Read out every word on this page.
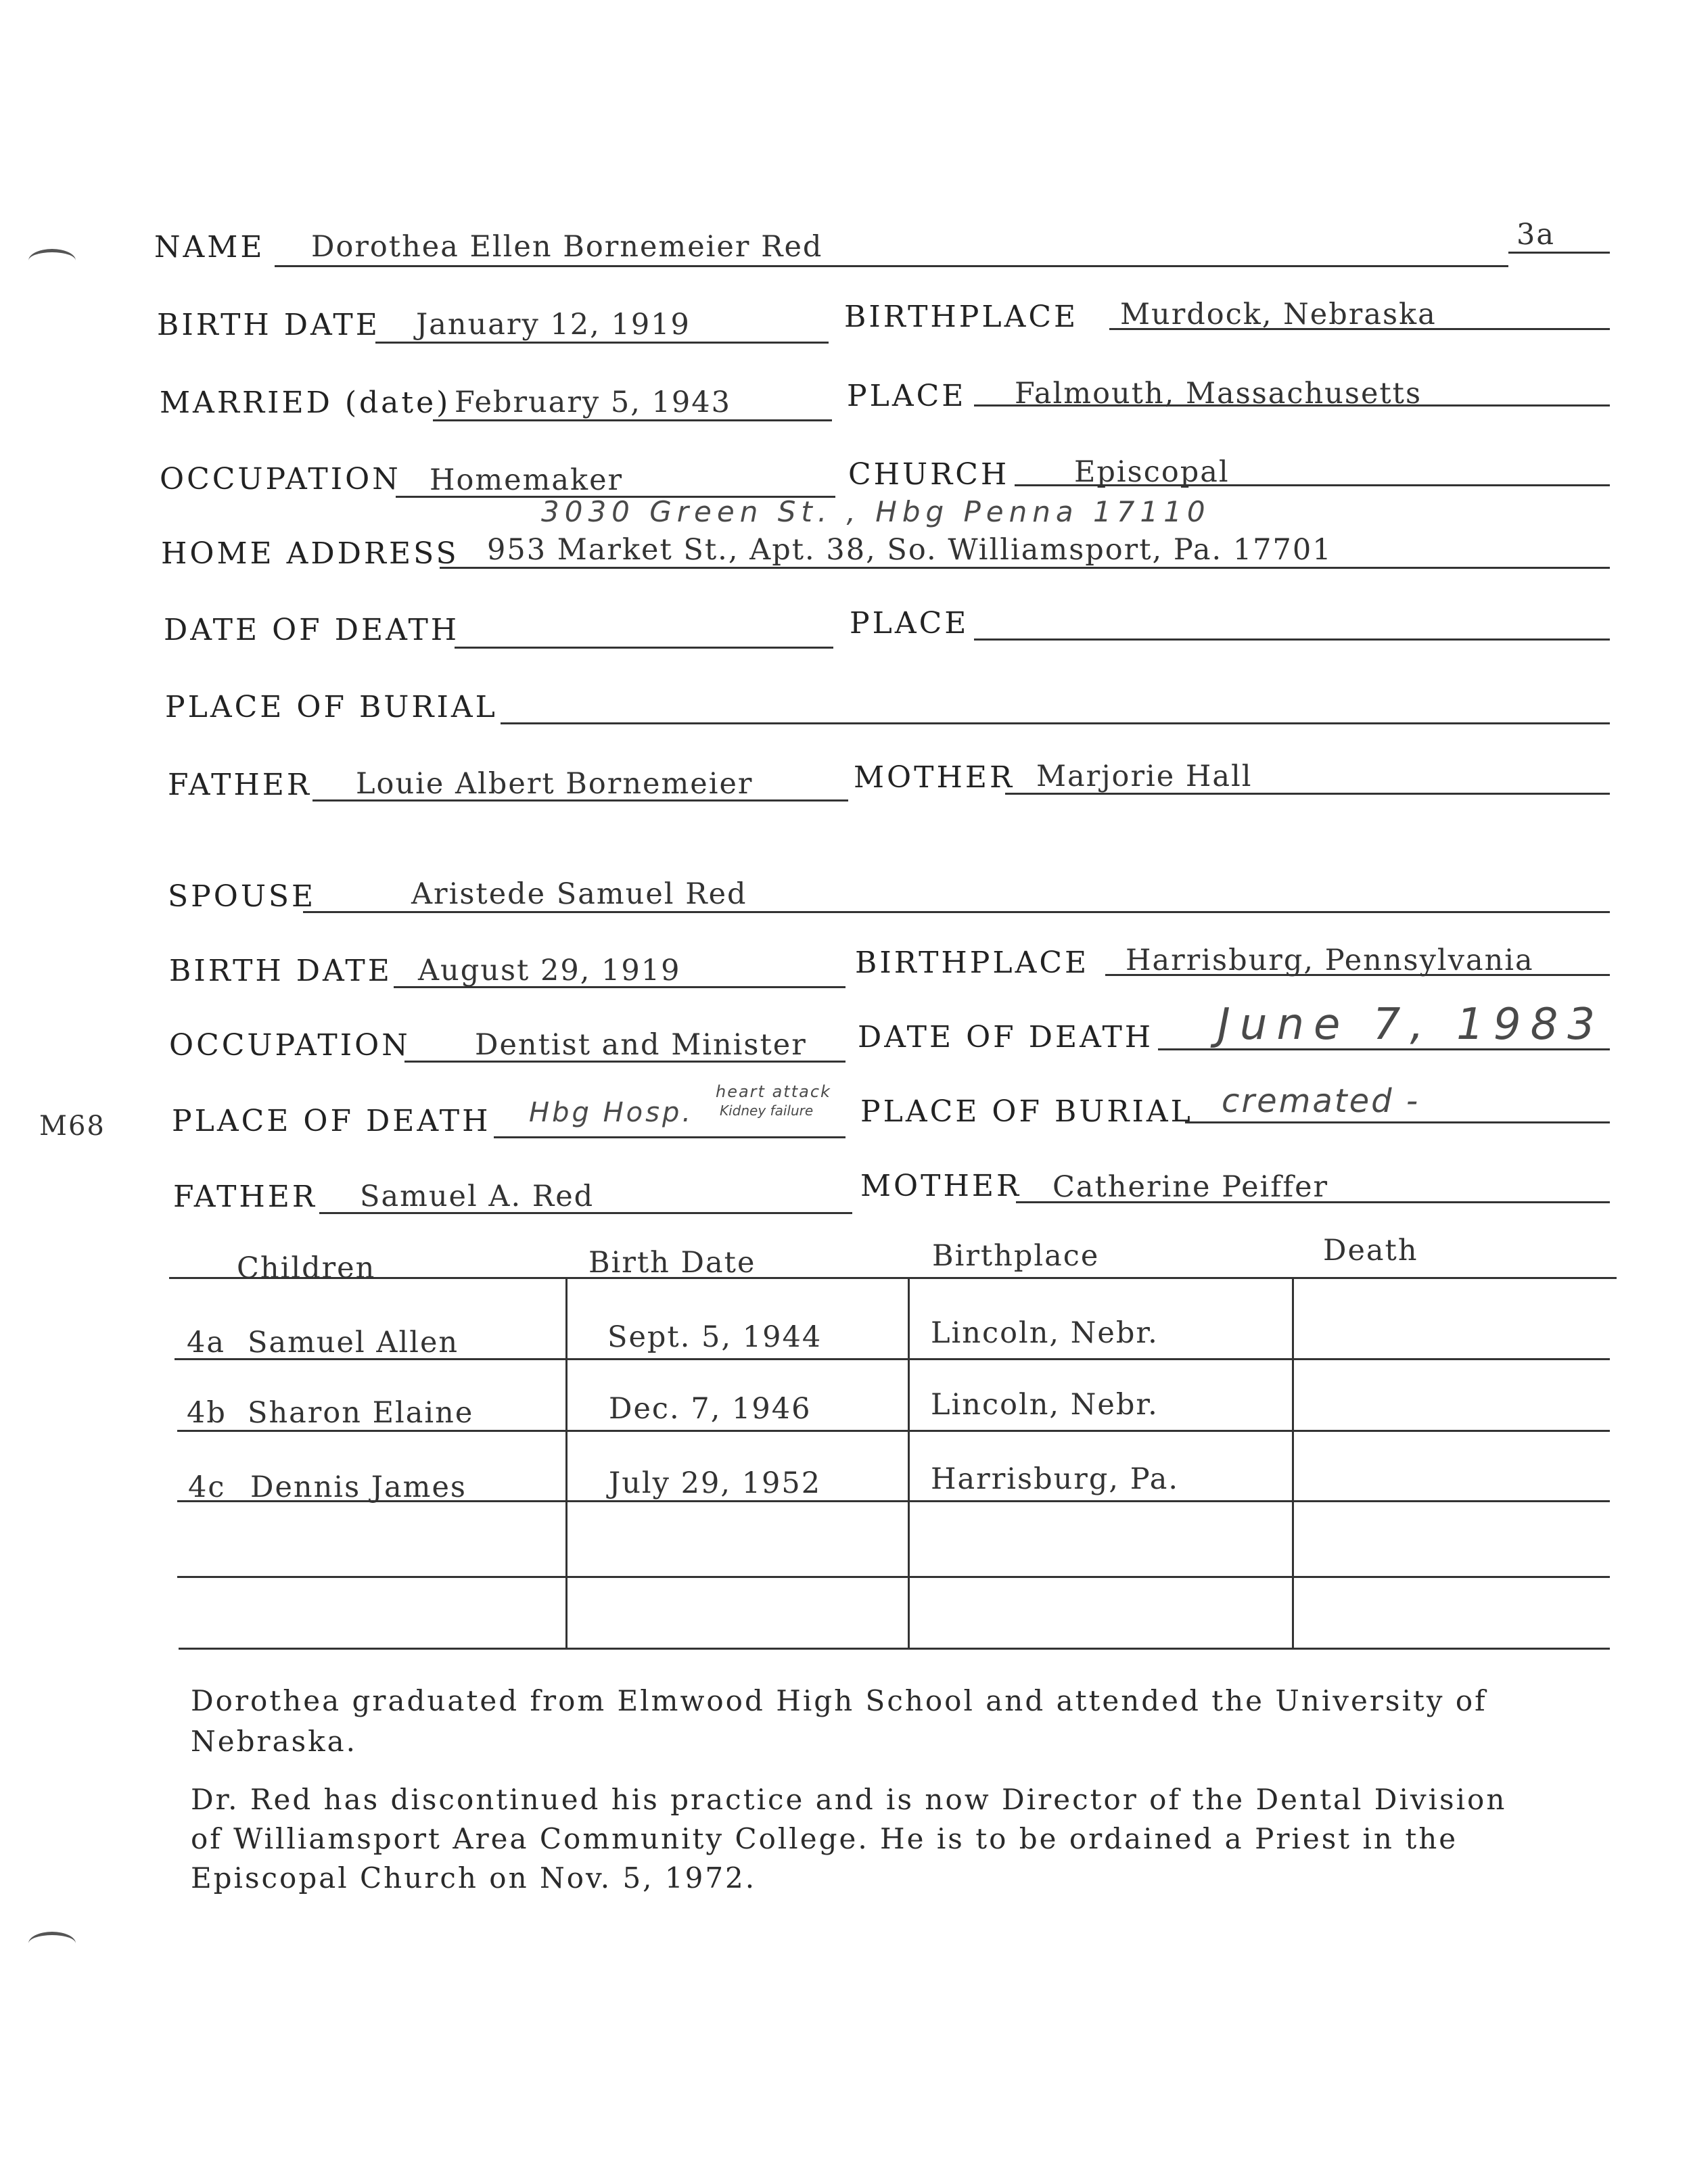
3a
NAME Dorothea Ellen Bornemeier Red
BIRTH DATE January 12, 1919	BIRTHPLACE Murdock, Nebraska
MARRIED (date) February 5, 1943	PLACE Falmouth, Massachusetts
OCCUPATION Homemaker	CHURCH Episcopal
3030 Green St. , Hbg Penna 17110
HOME ADDRESS 953 Market St., Apt. 38, So. Williamsport, Pa. 17701
DATE OF DEATH	PLACE
PLACE OF BURIAL
FATHER Louie Albert Bornemeier	MOTHER Marjorie Hall
SPOUSE	Aristede Samuel Red
BIRTH DATE August 29, 1919	BIRTHPLACE Harrisburg, Pennsylvania
OCCUPATION Dentist and Minister DATE OF DEATH June 7, 1983
M68 PLACE OF DEATH Hbg Hosp.
heart attack
Kidney failure PLACE OF BURIAL cremated -
FATHER Samuel A. Red	MOTHER Catherine Peiffer
Children	Birth Date	Birthplace	Death
4a Samuel Allen	Sept. 5, 1944	Lincoln, Nebr.
4b Sharon Elaine	Dec. 7, 1946	Lincoln, Nebr.
4c Dennis James	July 29, 1952	Harrisburg, Pa.
Dorothea graduated from Elmwood High School and attended the University of
Nebraska.
Dr. Red has discontinued his practice and is now Director of the Dental Division
of Williamsport Area Community College. He is to be ordained a Priest in the
Episcopal Church on Nov. 5, 1972.
